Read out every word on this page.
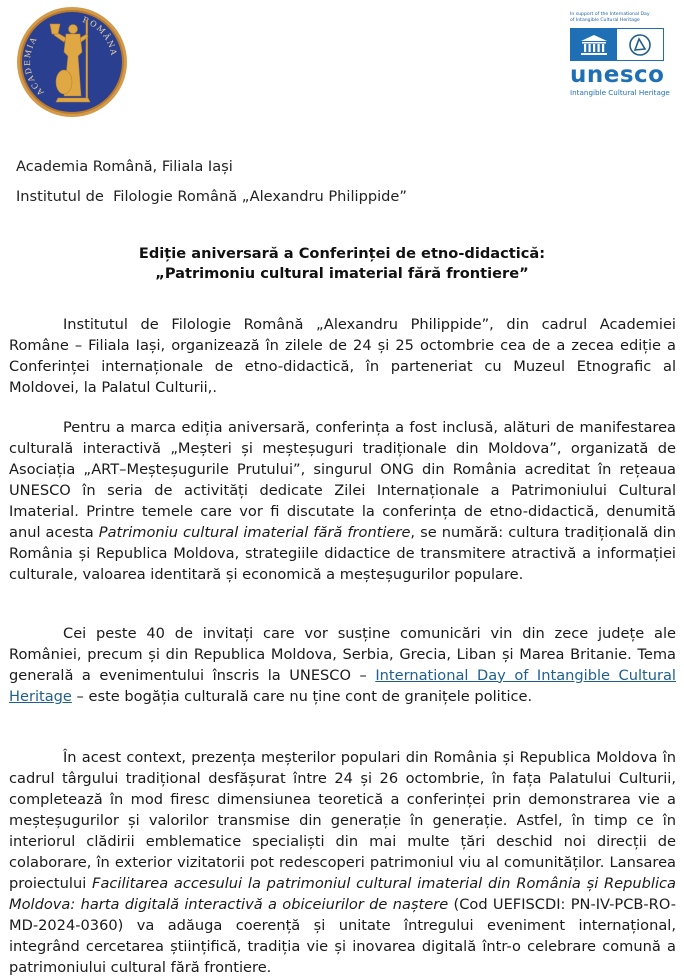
ACADEMIA
OMÂNA
In support of the International Day
of Intangible Cultural Heritage
unesco
Intangible Cultural Heritage
Academia Română, Filiala Iași
Institutul de  Filologie Română „Alexandru Philippide”
Ediție aniversară a Conferinței de etno-didactică:
„Patrimoniu cultural imaterial fără frontiere”

Institutul de Filologie Română „Alexandru Philippide”, din cadrul Academiei Române – Filiala Iași, organizează în zilele de 24 și 25 octombrie cea de a zecea ediție a Conferinței internaționale de etno-didactică, în parteneriat cu Muzeul Etnografic al Moldovei, la Palatul Culturii,.

Pentru a marca ediția aniversară, conferința a fost inclusă, alături de manifestarea culturală interactivă „Meșteri și meșteșuguri tradiționale din Moldova”, organizată de Asociația „ART–Meșteșugurile Prutului”, singurul ONG din România acreditat în rețeaua UNESCO în seria de activități dedicate Zilei Internaționale a Patrimoniului Cultural Imaterial. Printre temele care vor fi discutate la conferința de etno-didactică, denumită anul acesta Patrimoniu cultural imaterial fără frontiere, se numără: cultura tradițională din România și Republica Moldova, strategiile didactice de transmitere atractivă a informației culturale, valoarea identitară și economică a meșteșugurilor populare.

Cei peste 40 de invitați care vor susține comunicări vin din zece județe ale României, precum și din Republica Moldova, Serbia, Grecia, Liban și Marea Britanie. Tema generală a evenimentului înscris la UNESCO – International Day of Intangible Cultural Heritage – este bogăția culturală care nu ține cont de granițele politice.

În acest context, prezența meșterilor populari din România și Republica Moldova în cadrul târgului tradițional desfășurat între 24 și 26 octombrie, în fața Palatului Culturii, completează în mod firesc dimensiunea teoretică a conferinței prin demonstrarea vie a meșteșugurilor și valorilor transmise din generație în generație. Astfel, în timp ce în interiorul clădirii emblematice specialiști din mai multe țări deschid noi direcții de colaborare, în exterior vizitatorii pot redescoperi patrimoniul viu al comunităților. Lansarea proiectului Facilitarea accesului la patrimoniul cultural imaterial din România și Republica Moldova: harta digitală interactivă a obiceiurilor de naștere (Cod UEFISCDI: PN-IV-PCB-RO-MD-2024-0360) va adăuga coerență și unitate întregului eveniment internațional, integrând cercetarea științifică, tradiția vie și inovarea digitală într-o celebrare comună a patrimoniului cultural fără frontiere.
